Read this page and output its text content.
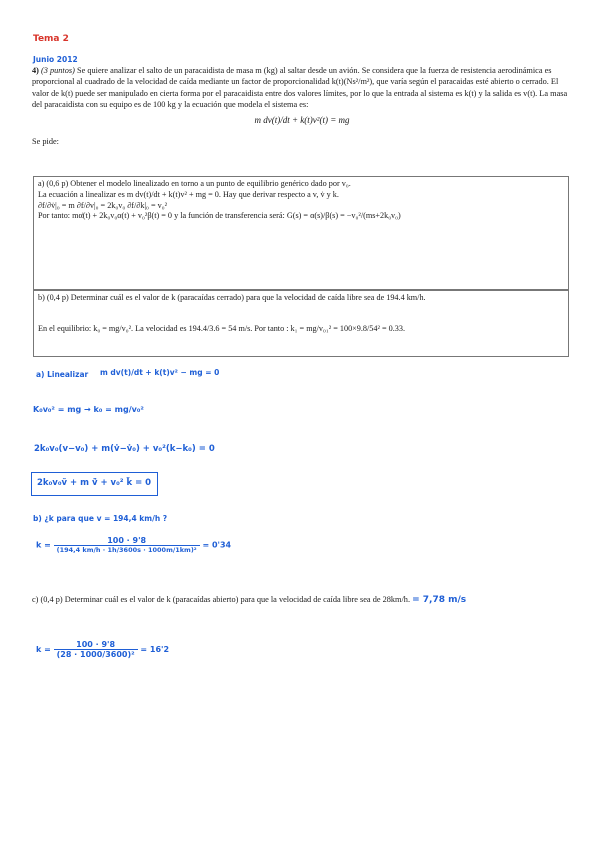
Tema 2
Junio 2012

4) (3 puntos) Se quiere analizar el salto de un paracaidista de masa m (kg) al saltar desde un avión. Se considera que la fuerza de resistencia aerodinámica es proporcional al cuadrado de la velocidad de caída mediante un factor de proporcionalidad k(t)(Ns²/m²), que varía según el paracaidas esté abierto o cerrado. El valor de k(t) puede ser manipulado en cierta forma por el paracaidista entre dos valores límites, por lo que la entrada al sistema es k(t) y la salida es v(t). La masa del paracaidista con su equipo es de 100 kg y la ecuación que modela el sistema es:

m dv(t)/dt + k(t)v²(t) = mg

Se pide:

a) (0,6 p) Obtener el modelo linealizado en torno a un punto de equilibrio genérico dado por v₀.

La ecuación a linealizar es m dv(t)/dt + k(t)v² + mg = 0. Hay que derivar respecto a v, v̇ y k.

∂f/∂v̇|₀ = m ∂f/∂v|₀ = 2k₀v₀ ∂f/∂k|₀ = v₀²

Por tanto: mα̇(t) + 2k₀v₀α(t) + v₀²β(t) = 0 y la función de transferencia será: G(s) = α(s)/β(s) = −v₀²/(ms+2k₀v₀)

b) (0,4 p) Determinar cuál es el valor de k (paracaídas cerrado) para que la velocidad de caída libre sea de 194.4 km/h.

En el equilibrio: k₀ = mg/v₀². La velocidad es 194.4/3.6 = 54 m/s. Por tanto : k₁ = mg/v₀₁² = 100×9.8/54² = 0.33.

a) Linealizar m dv(t)/dt + k(t)v² − mg = 0
K₀v₀² = mg → k₀ = mg/v₀²
2k₀v₀(v−v₀) + m(v̇−v̇₀) + v₀²(k−k₀) = 0
2k₀v₀ṽ + m ṽ̇ + v₀² k̃ = 0
b) ¿k para que v = 194,4 km/h ?
k =	100 · 9'8
(194,4 km/h · 1h/3600s · 1000m/1km)²
= 0'34
c) (0,4 p) Determinar cuál es el valor de k (paracaídas abierto) para que la velocidad de caída libre sea de 28km/h. = 7,78 m/s
$k = \frac{100 \cdot 9'8}{\text{(28 · 1000/3600)²}} = 16'2$
